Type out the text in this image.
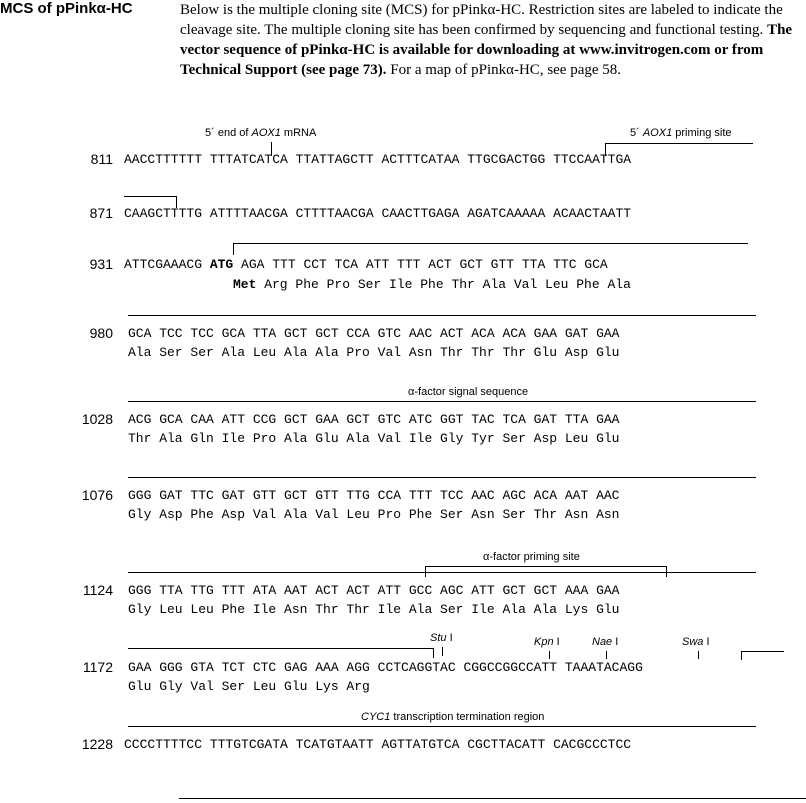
MCS of pPinkα-HC	Below is the multiple cloning site (MCS) for pPinkα-HC. Restriction sites are labeled to indicate the cleavage site. The multiple cloning site has been confirmed by sequencing and functional testing. The vector sequence of pPinkα-HC is available for downloading at www.invitrogen.com or from Technical Support (see page 73). For a map of pPinkα-HC, see page 58.
5´ end of AOX1 mRNA	5´ AOX1 priming site
811 AACCTTTTTT TTTATCATCA TTATTAGCTT ACTTTCATAA TTGCGACTGG TTCCAATTGA
871 CAAGCTTTTG ATTTTAACGA CTTTTAACGA CAACTTGAGA AGATCAAAAA ACAACTAATT
931 ATTCGAAACG ATG AGA TTT CCT TCA ATT TTT ACT GCT GTT TTA TTC GCA
Met Arg Phe Pro Ser Ile Phe Thr Ala Val Leu Phe Ala
980 GCA TCC TCC GCA TTA GCT GCT CCA GTC AAC ACT ACA ACA GAA GAT GAA
Ala Ser Ser Ala Leu Ala Ala Pro Val Asn Thr Thr Thr Glu Asp Glu
α-factor signal sequence
1028 ACG GCA CAA ATT CCG GCT GAA GCT GTC ATC GGT TAC TCA GAT TTA GAA
Thr Ala Gln Ile Pro Ala Glu Ala Val Ile Gly Tyr Ser Asp Leu Glu
1076 GGG GAT TTC GAT GTT GCT GTT TTG CCA TTT TCC AAC AGC ACA AAT AAC
Gly Asp Phe Asp Val Ala Val Leu Pro Phe Ser Asn Ser Thr Asn Asn
α-factor priming site
1124 GGG TTA TTG TTT ATA AAT ACT ACT ATT GCC AGC ATT GCT GCT AAA GAA
Gly Leu Leu Phe Ile Asn Thr Thr Ile Ala Ser Ile Ala Ala Lys Glu
Stu I	Kpn I	Nae I	Swa I
1172 GAA GGG GTA TCT CTC GAG AAA AGG CCTCAGGTAC CGGCCGGCCATT TAAATACAGG
Glu Gly Val Ser Leu Glu Lys Arg
CYC1 transcription termination region
1228 CCCCTTTTCC TTTGTCGATA TCATGTAATT AGTTATGTCA CGCTTACATT CACGCCCTCC
